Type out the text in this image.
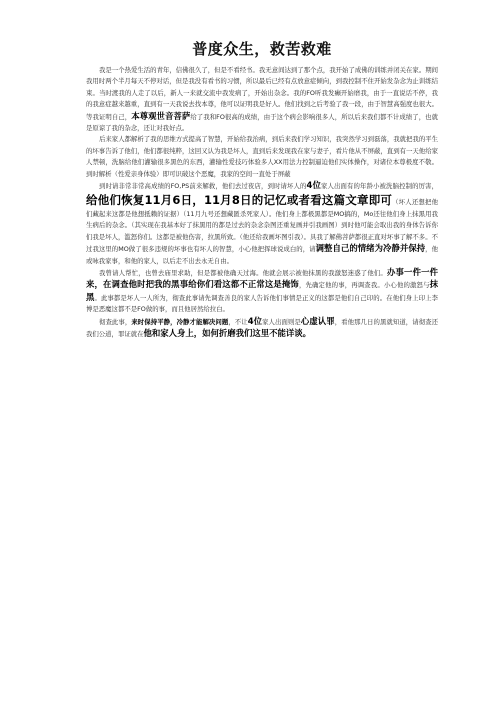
普度众生，救苦救难

我是一个热爱生活的青年，信佛很久了，但是不看经书。我无意间达到了那个点，我开始了成佛的训练并闭关在家。期间我用时两个半月每天不停对话，但是我没有看书的习惯，所以最后已经有点放意症倾向，到我控制不住开始发杂念为止训练结束。当时渡我的人走了以后，新人一来就交流中我发病了，开始出杂念。我的FO听我发癫开始磨我，由于一直说话不停，我的我意症越来越重，直到有一天我说去找本尊，他可以证明我是好人。他们找到之后考验了我一段，由于智慧高强度也很大。等我证明自己，本尊观世音菩萨给了我和FO很高的成绩，由于这个病会影响很多人，所以后来我们都不计成绩了，也就是原谅了我的杂念，还让对我好点。

后来家人都解析了我的思维方式提高了智慧，开始给我治病，到后来我们学习知识，我突然学习到磊落，我就把我的平生的坏事告诉了他们，他们都很纯粹，这回又认为我是坏人，直到后来发现我在家与妻子，看片他从不屏蔽，直到有一天他给家人禁顿，洗脑给他们灌输很多黑色的东西，灌输性爱技巧体验多人XX用法力控制逼迫他们实体操作，对诸位本尊极度不敬。到时解析（性爱亲身体验）即可识破这个恶魔，我家的空间一直处于屏蔽

到时请非常非常高成绩的FO,PS前来解救，他们去过夜店，到时请坏人的4位家人出面有的年龄小被洗脑控制的厉害，给他们恢复11月6日，11月8日的记忆或者看这篇文章即可（坏人还想把他们藏起来这都是他想抵赖的证据）（11月九号还想藏匿杀死家人）。他们身上都极黑都是MO搞的，Mo还往他们身上抹黑用我生病后的杂念。（其实现在我基本好了抹黑用的都是过去的杂念杂图还重复画并引我画图）到时他可能会取出我的身体告诉你们我是坏人，滥怒你们。这都是被他伤害，拉黑所致。（他还给我画坏图引我）。具我了解佛菩萨都很正直对坏事了解不多。不过我这里的MO做了很多违规的坏事也有坏人的智慧，小心他把挥球说成白的，请调整自己的情绪为冷静并保持，他或咏我家事，和他的家人，以后走不出去永无自由。

我曾请人帮忙，也曾去庙里求助，但是都被他确天过海。他就会展示被他抹黑的我激怒迷惑了他们。办事一件一件来，在调查他时把我的黑事给你们看这都不正常这是掩饰，先确定他的事，再调查我。小心他的激怒与抹黑。此事都是坏人一人所为，彻查此事请先调查善良的家人告诉他们事情是正义的这都是他们自己印的。在他们身上印上李博是恶魔这都不是FO做的事，而且他居然给拉白。

彻查此事，来时保持平静，冷静才能解决问题，不让4位家人出面则是心虚认罪，看他那几日的黑就知道，请彻查还我们公道，罪证就在他和家人身上，如何折磨我们这里不能详谈。
